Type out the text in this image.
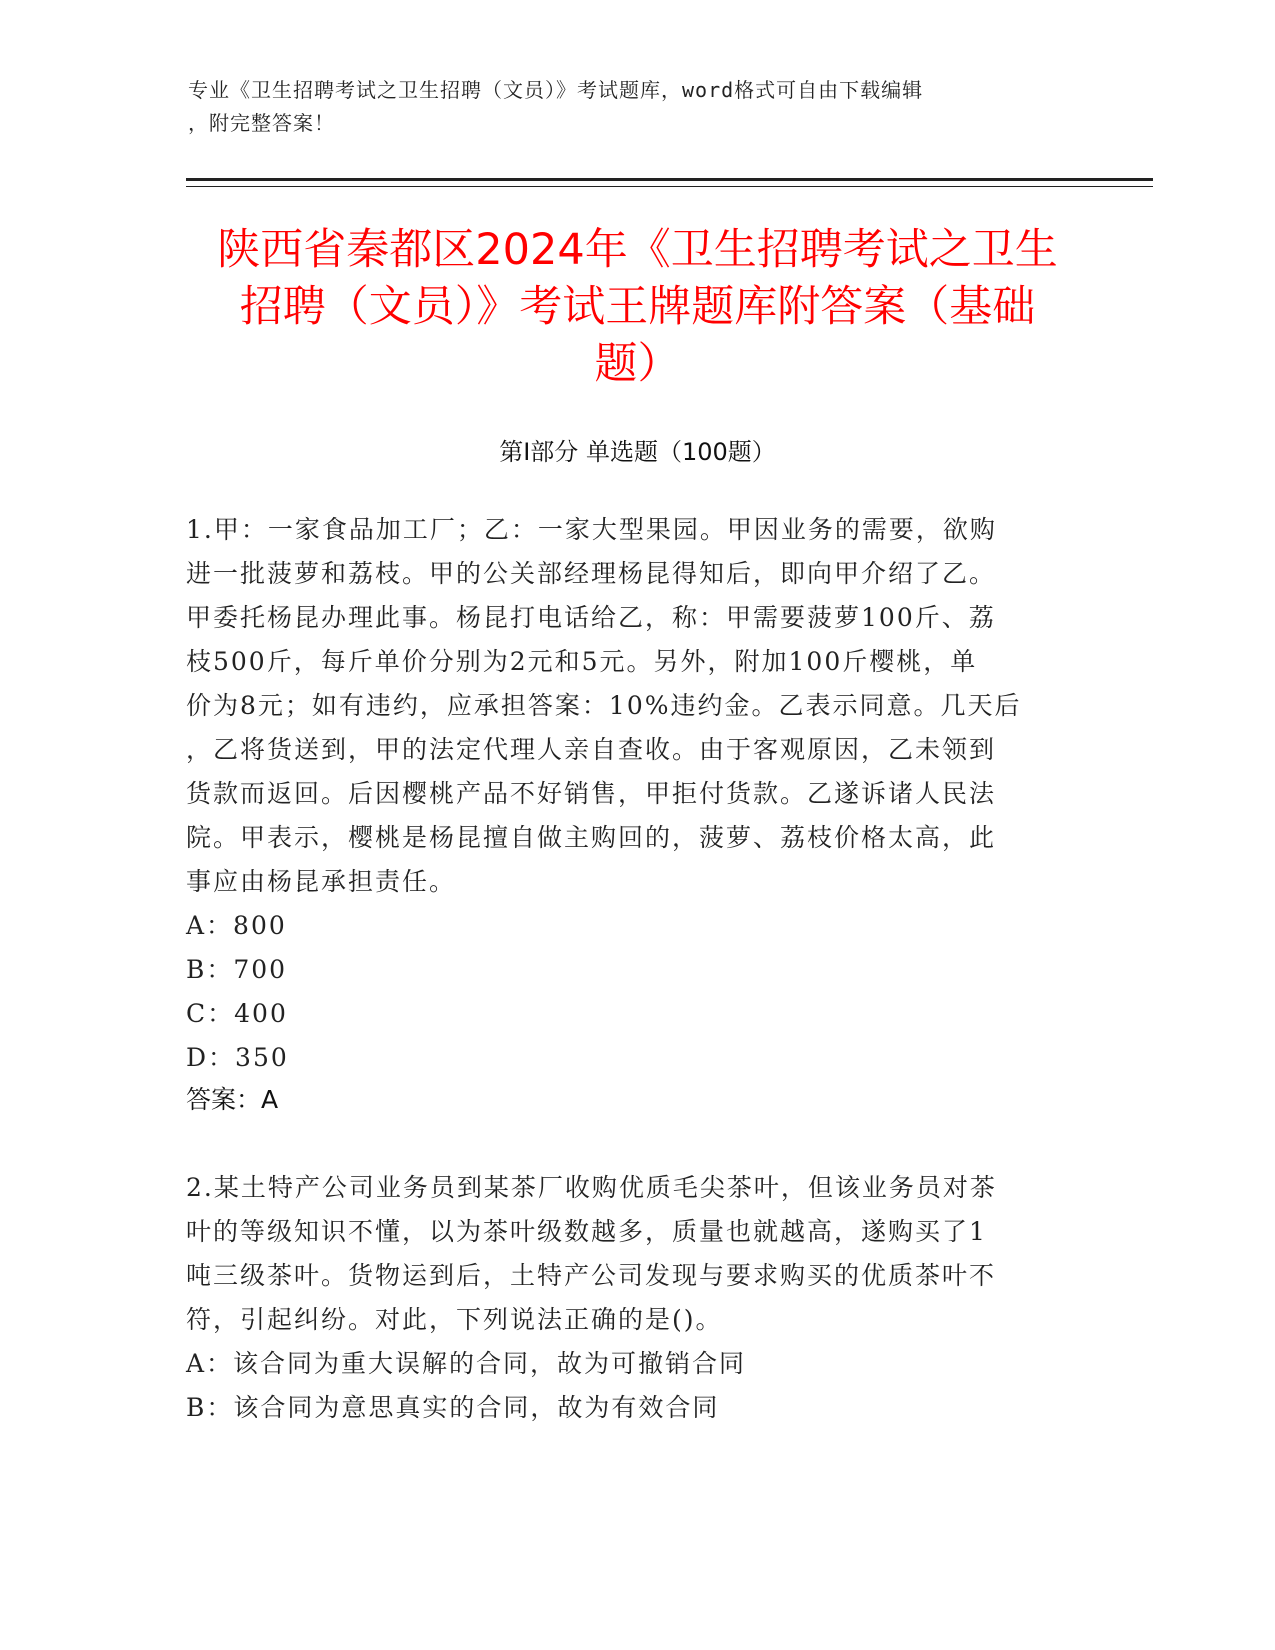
专业《卫生招聘考试之卫生招聘（文员）》考试题库，word格式可自由下载编辑
，附完整答案！
陕西省秦都区2024年《卫生招聘考试之卫生
招聘（文员）》考试王牌题库附答案（基础
题）
第Ⅰ部分 单选题（100题）
1.甲：一家食品加工厂；乙：一家大型果园。甲因业务的需要，欲购
进一批菠萝和荔枝。甲的公关部经理杨昆得知后，即向甲介绍了乙。
甲委托杨昆办理此事。杨昆打电话给乙，称：甲需要菠萝100斤、荔
枝500斤，每斤单价分别为2元和5元。另外，附加100斤樱桃，单
价为8元；如有违约，应承担答案：10%违约金。乙表示同意。几天后
，乙将货送到，甲的法定代理人亲自查收。由于客观原因，乙未领到
货款而返回。后因樱桃产品不好销售，甲拒付货款。乙遂诉诸人民法
院。甲表示，樱桃是杨昆擅自做主购回的，菠萝、荔枝价格太高，此
事应由杨昆承担责任。
A：800
B：700
C：400
D：350
答案：A
2.某土特产公司业务员到某茶厂收购优质毛尖茶叶，但该业务员对茶
叶的等级知识不懂，以为茶叶级数越多，质量也就越高，遂购买了1
吨三级茶叶。货物运到后，土特产公司发现与要求购买的优质茶叶不
符，引起纠纷。对此，下列说法正确的是()。
A：该合同为重大误解的合同，故为可撤销合同
B：该合同为意思真实的合同，故为有效合同
